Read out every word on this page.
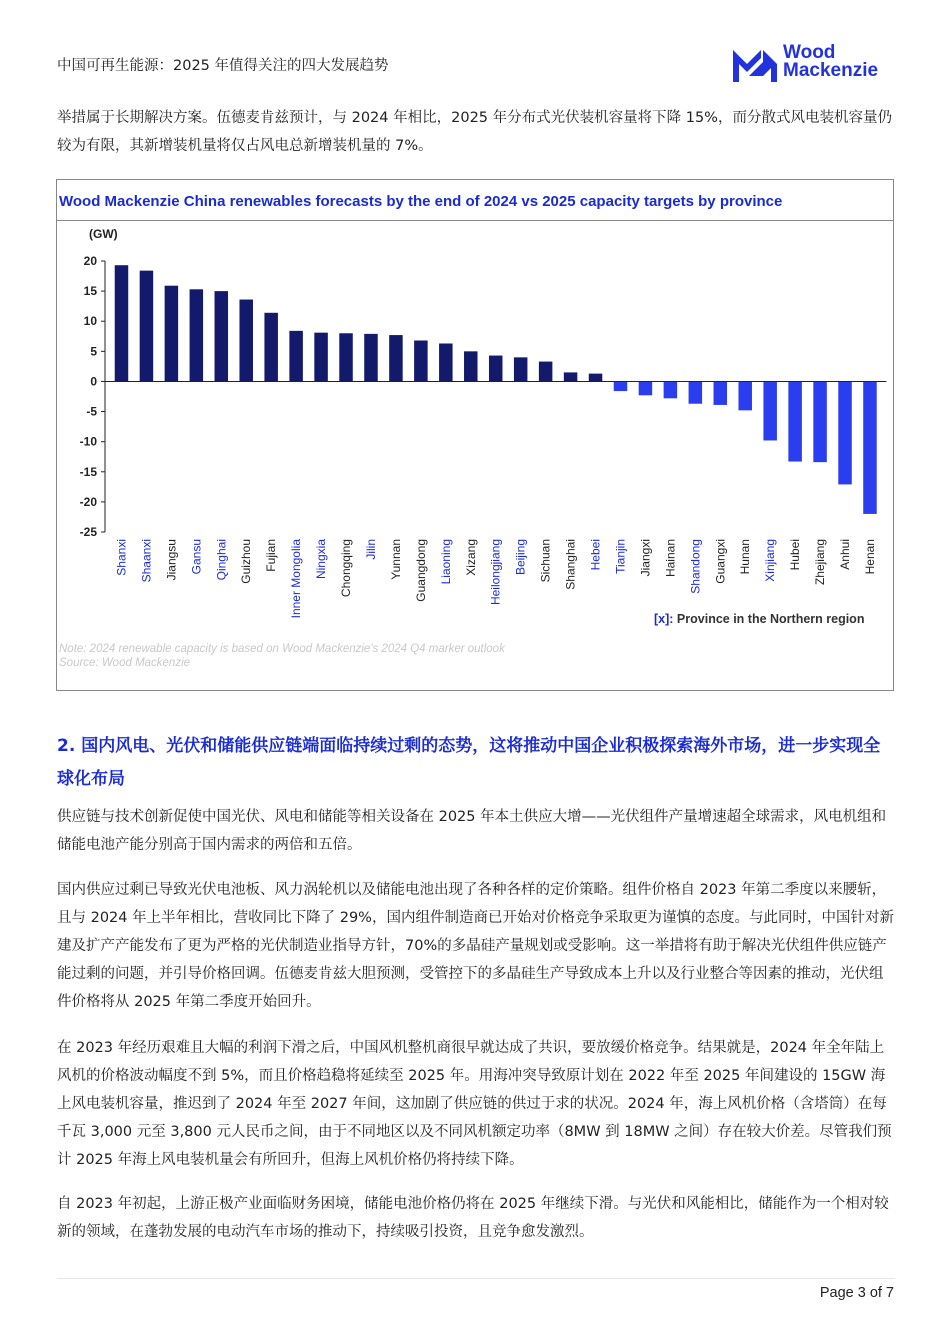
中国可再生能源：2025 年值得关注的四大发展趋势
Wood
Mackenzie
举措属于长期解决方案。伍德麦肯兹预计，与 2024 年相比，2025 年分布式光伏装机容量将下降 15%，而分散式风电装机容量仍较为有限，其新增装机量将仅占风电总新增装机量的 7%。
Wood Mackenzie China renewables forecasts by the end of 2024 vs 2025 capacity targets by province
(GW)
20
15
10
5
0
-5
-10
-15
-20
-25
Shanxi Shaanxi Jiangsu Gansu Qinghai Guizhou Fujian Inner Mongolia Ningxia Chongqing Jilin Yunnan Guangdong Liaoning Xizang Heilongjiang Beijing Sichuan Shanghai Hebei Tianjin Jiangxi Hainan Shandong Guangxi Hunan Xinjiang Hubei Zhejiang Anhui Henan
[x]: Province in the Northern region
Note: 2024 renewable capacity is based on Wood Mackenzie's 2024 Q4 marker outlook
Source: Wood Mackenzie
2. 国内风电、光伏和储能供应链端面临持续过剩的态势，这将推动中国企业积极探索海外市场，进一步实现全球化布局
供应链与技术创新促使中国光伏、风电和储能等相关设备在 2025 年本土供应大增——光伏组件产量增速超全球需求，风电机组和储能电池产能分别高于国内需求的两倍和五倍。
国内供应过剩已导致光伏电池板、风力涡轮机以及储能电池出现了各种各样的定价策略。组件价格自 2023 年第二季度以来腰斩，且与 2024 年上半年相比，营收同比下降了 29%，国内组件制造商已开始对价格竞争采取更为谨慎的态度。与此同时，中国针对新建及扩产产能发布了更为严格的光伏制造业指导方针，70%的多晶硅产量规划或受影响。这一举措将有助于解决光伏组件供应链产能过剩的问题，并引导价格回调。伍德麦肯兹大胆预测，受管控下的多晶硅生产导致成本上升以及行业整合等因素的推动，光伏组件价格将从 2025 年第二季度开始回升。
在 2023 年经历艰难且大幅的利润下滑之后，中国风机整机商很早就达成了共识，要放缓价格竞争。结果就是，2024 年全年陆上风机的价格波动幅度不到 5%，而且价格趋稳将延续至 2025 年。用海冲突导致原计划在 2022 年至 2025 年间建设的 15GW 海上风电装机容量，推迟到了 2024 年至 2027 年间，这加剧了供应链的供过于求的状况。2024 年，海上风机价格（含塔筒）在每千瓦 3,000 元至 3,800 元人民币之间，由于不同地区以及不同风机额定功率（8MW 到 18MW 之间）存在较大价差。尽管我们预计 2025 年海上风电装机量会有所回升，但海上风机价格仍将持续下降。
自 2023 年初起，上游正极产业面临财务困境，储能电池价格仍将在 2025 年继续下滑。与光伏和风能相比，储能作为一个相对较新的领域，在蓬勃发展的电动汽车市场的推动下，持续吸引投资，且竞争愈发激烈。
Page 3 of 7
